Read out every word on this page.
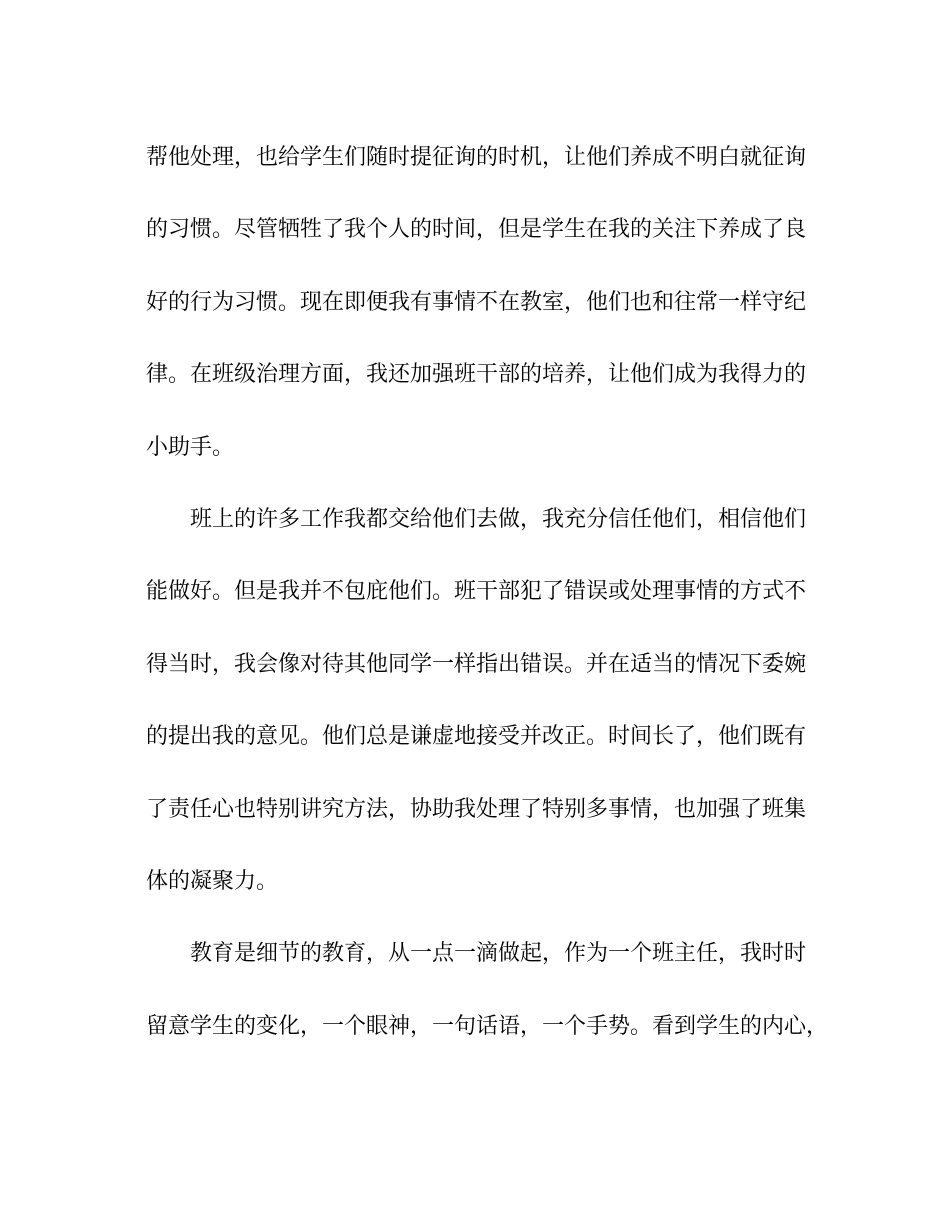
帮他处理，也给学生们随时提征询的时机，让他们养成不明白就征询
的习惯。尽管牺牲了我个人的时间，但是学生在我的关注下养成了良
好的行为习惯。现在即便我有事情不在教室，他们也和往常一样守纪
律。在班级治理方面，我还加强班干部的培养，让他们成为我得力的
小助手。
班上的许多工作我都交给他们去做，我充分信任他们，相信他们
能做好。但是我并不包庇他们。班干部犯了错误或处理事情的方式不
得当时，我会像对待其他同学一样指出错误。并在适当的情况下委婉
的提出我的意见。他们总是谦虚地接受并改正。时间长了，他们既有
了责任心也特别讲究方法，协助我处理了特别多事情，也加强了班集
体的凝聚力。
教育是细节的教育，从一点一滴做起，作为一个班主任，我时时
留意学生的变化，一个眼神，一句话语，一个手势。看到学生的内心，
